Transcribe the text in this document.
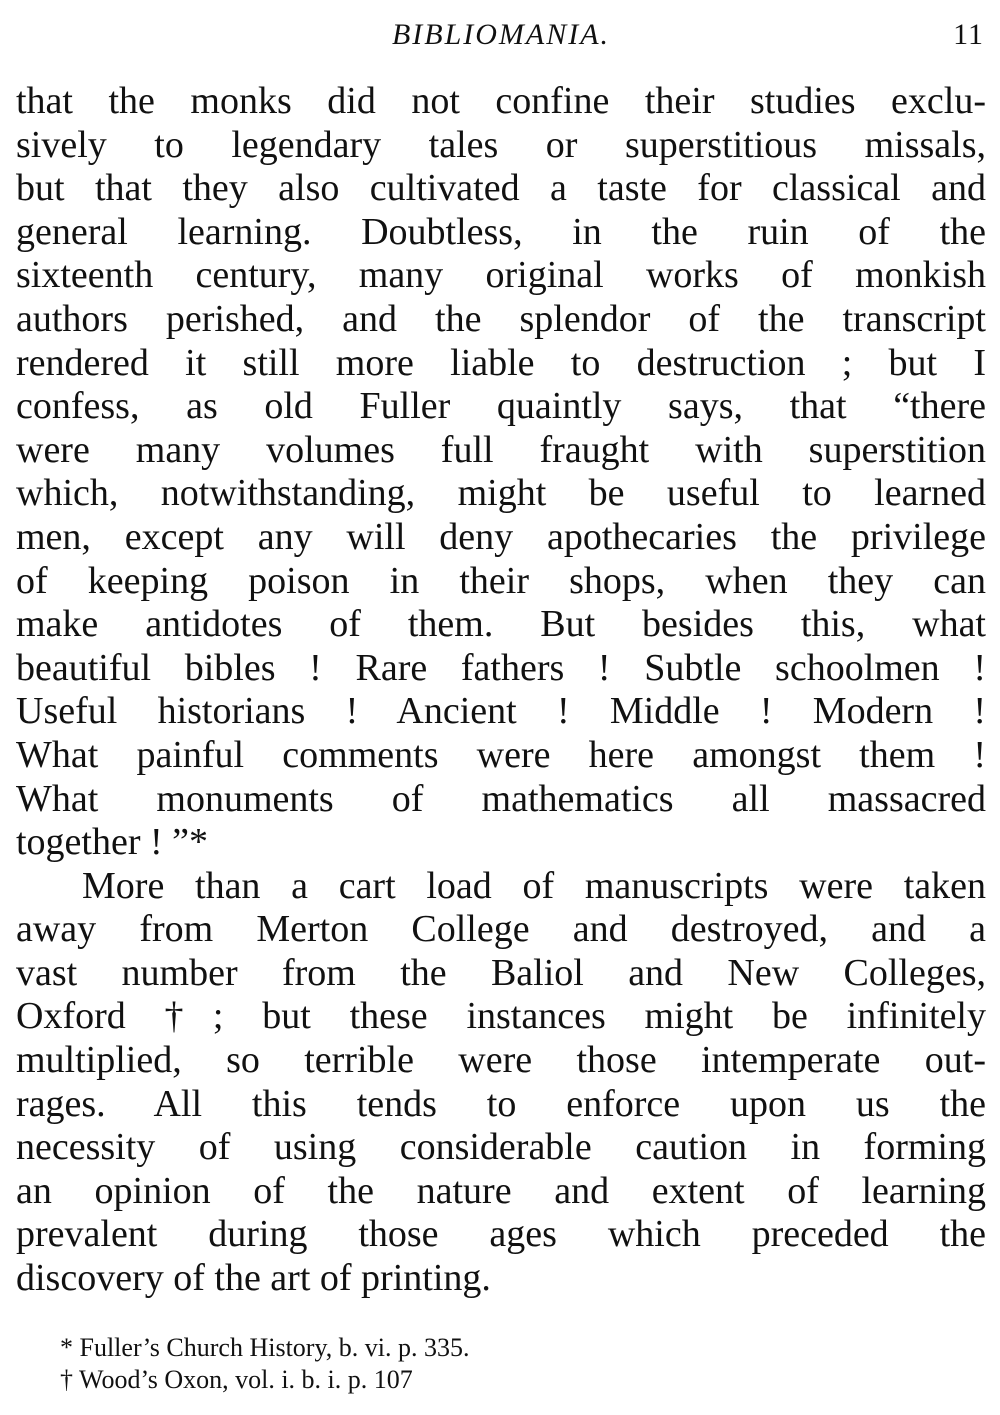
BIBLIOMANIA.	11
that the monks did not confine their studies exclu-
sively to legendary tales or superstitious missals,
but that they also cultivated a taste for classical and
general learning. Doubtless, in the ruin of the
sixteenth century, many original works of monkish
authors perished, and the splendor of the transcript
rendered it still more liable to destruction ; but I
confess, as old Fuller quaintly says, that “there
were many volumes full fraught with superstition
which, notwithstanding, might be useful to learned
men, except any will deny apothecaries the privilege
of keeping poison in their shops, when they can
make antidotes of them. But besides this, what
beautiful bibles ! Rare fathers ! Subtle schoolmen !
Useful historians ! Ancient ! Middle ! Modern !
What painful comments were here amongst them !
What monuments of mathematics all massacred
together ! ”*
More than a cart load of manuscripts were taken
away from Merton College and destroyed, and a
vast number from the Baliol and New Colleges,
Oxford †; but these instances might be infinitely
multiplied, so terrible were those intemperate out-
rages. All this tends to enforce upon us the
necessity of using considerable caution in forming
an opinion of the nature and extent of learning
prevalent during those ages which preceded the
discovery of the art of printing.
* Fuller’s Church History, b. vi. p. 335.
† Wood’s Oxon, vol. i. b. i. p. 107
